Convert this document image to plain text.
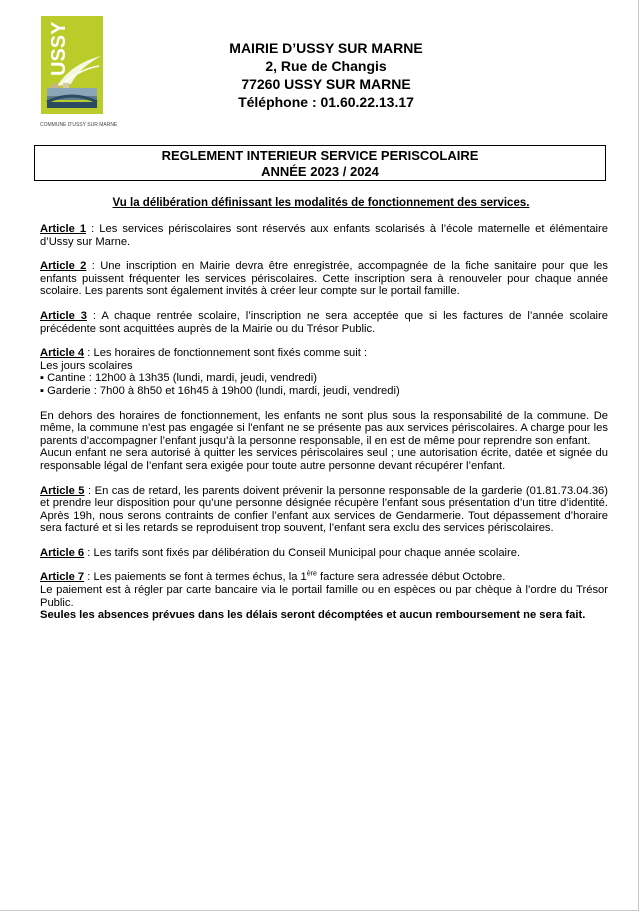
USSY
COMMUNE D'USSY SUR MARNE
MAIRIE D’USSY SUR MARNE
2, Rue de Changis
77260 USSY SUR MARNE
Téléphone : 01.60.22.13.17
REGLEMENT INTERIEUR SERVICE PERISCOLAIRE
ANNÉE 2023 / 2024
Vu la délibération définissant les modalités de fonctionnement des services.

Article 1 : Les services périscolaires sont réservés aux enfants scolarisés à l’école maternelle et élémentaire d’Ussy sur Marne.

Article 2 : Une inscription en Mairie devra être enregistrée, accompagnée de la fiche sanitaire pour que les enfants puissent fréquenter les services périscolaires. Cette inscription sera à renouveler pour chaque année scolaire. Les parents sont également invités à créer leur compte sur le portail famille.

Article 3 : A chaque rentrée scolaire, l’inscription ne sera acceptée que si les factures de l’année scolaire précédente sont acquittées auprès de la Mairie ou du Trésor Public.

Article 4 : Les horaires de fonctionnement sont fixés comme suit :
Les jours scolaires
▪ Cantine : 12h00 à 13h35 (lundi, mardi, jeudi, vendredi)
▪ Garderie : 7h00 à 8h50 et 16h45 à 19h00 (lundi, mardi, jeudi, vendredi)

En dehors des horaires de fonctionnement, les enfants ne sont plus sous la responsabilité de la commune. De même, la commune n'est pas engagée si l'enfant ne se présente pas aux services périscolaires. A charge pour les parents d’accompagner l’enfant jusqu’à la personne responsable, il en est de même pour reprendre son enfant.
Aucun enfant ne sera autorisé à quitter les services périscolaires seul ; une autorisation écrite, datée et signée du responsable légal de l’enfant sera exigée pour toute autre personne devant récupérer l’enfant.

Article 5 : En cas de retard, les parents doivent prévenir la personne responsable de la garderie (01.81.73.04.36) et prendre leur disposition pour qu’une personne désignée récupère l’enfant sous présentation d’un titre d’identité. Après 19h, nous serons contraints de confier l’enfant aux services de Gendarmerie. Tout dépassement d’horaire sera facturé et si les retards se reproduisent trop souvent, l’enfant sera exclu des services périscolaires.

Article 6 : Les tarifs sont fixés par délibération du Conseil Municipal pour chaque année scolaire.

Article 7 : Les paiements se font à termes échus, la 1ère facture sera adressée début Octobre.
Le paiement est à régler par carte bancaire via le portail famille ou en espèces ou par chèque à l’ordre du Trésor Public.
Seules les absences prévues dans les délais seront décomptées et aucun remboursement ne sera fait.
